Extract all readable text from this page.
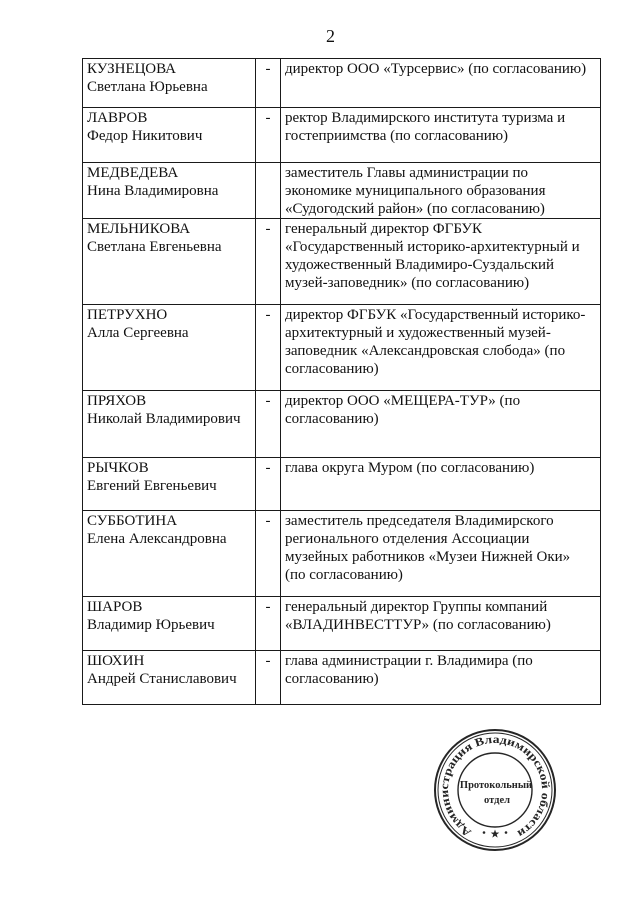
2
КУЗНЕЦОВА
Светлана Юрьевна	-	директор ООО «Турсервис» (по согласованию)

ЛАВРОВ
Федор Никитович	-	ректор Владимирского института туризма и
гостеприимства (по согласованию)

МЕДВЕДЕВА
Нина Владимировна		заместитель Главы администрации по
экономике муниципального образования
«Судогодский район» (по согласованию)

МЕЛЬНИКОВА
Светлана Евгеньевна	-	генеральный директор ФГБУК
«Государственный историко-архитектурный и
художественный Владимиро-Суздальский
музей-заповедник» (по согласованию)

ПЕТРУХНО
Алла Сергеевна	-	директор ФГБУК «Государственный историко-
архитектурный и художественный музей-
заповедник «Александровская слобода» (по
согласованию)

ПРЯХОВ
Николай Владимирович	-	директор ООО «МЕЩЕРА-ТУР» (по
согласованию)

РЫЧКОВ
Евгений Евгеньевич	-	глава округа Муром (по согласованию)

СУББОТИНА
Елена Александровна	-	заместитель председателя Владимирского
регионального отделения Ассоциации
музейных работников «Музеи Нижней Оки»
(по согласованию)

ШАРОВ
Владимир Юрьевич	-	генеральный директор Группы компаний
«ВЛАДИНВЕСТТУР» (по согласованию)

ШОХИН
Андрей Станиславович	-	глава администрации г. Владимира (по
согласованию)
Администрация Владимирской области
Протокольный
отдел
